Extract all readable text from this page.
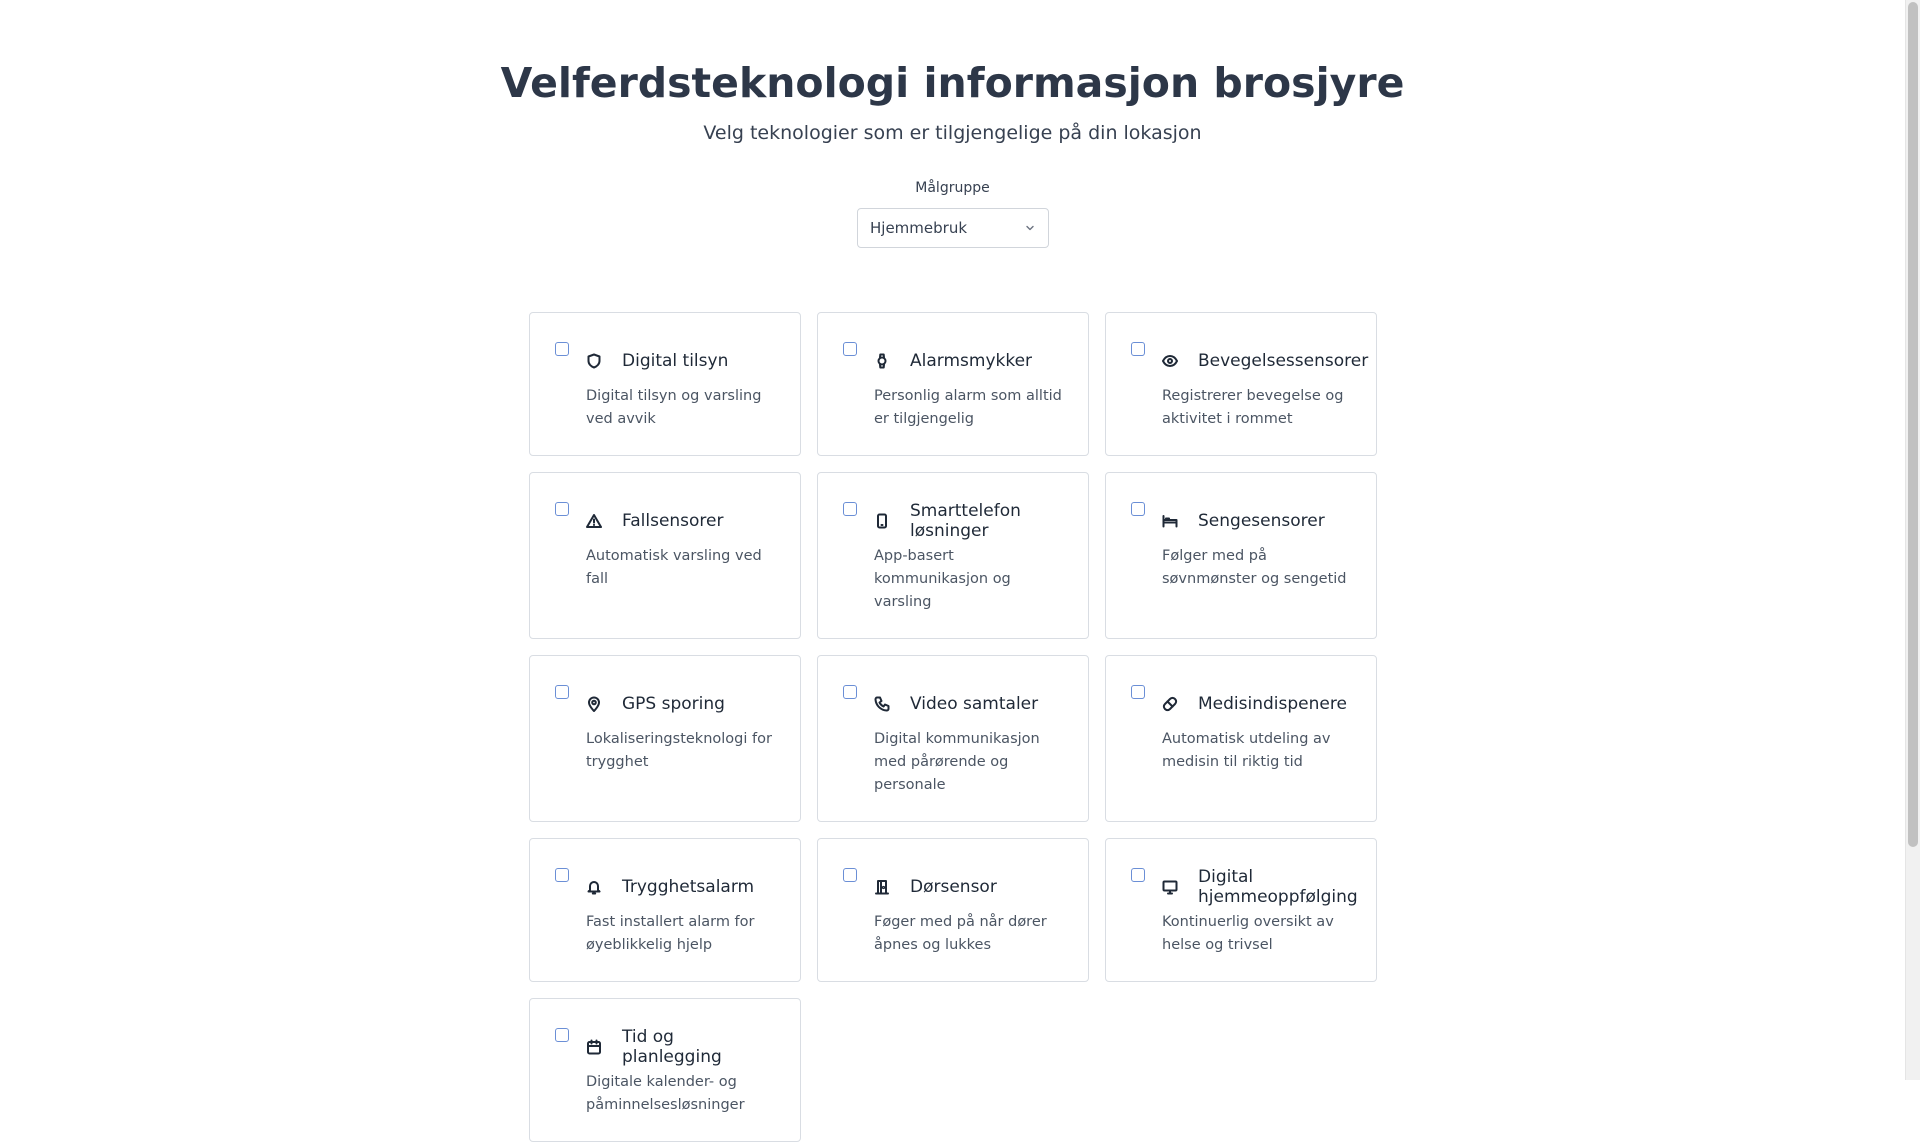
Velferdsteknologi informasjon brosjyre
Velg teknologier som er tilgjengelige på din lokasjon
Målgruppe
Hjemmebruk
Digital tilsyn
Digital tilsyn og varsling ved avvik
Alarmsmykker
Personlig alarm som alltid er tilgjengelig
Bevegelsessensorer
Registrerer bevegelse og aktivitet i rommet
Fallsensorer
Automatisk varsling ved fall
Smarttelefon løsninger
App-basert kommunikasjon og varsling
Sengesensorer
Følger med på søvnmønster og sengetid
GPS sporing
Lokaliseringsteknologi for trygghet
Video samtaler
Digital kommunikasjon med pårørende og personale
Medisindispenere
Automatisk utdeling av medisin til riktig tid
Trygghetsalarm
Fast installert alarm for øyeblikkelig hjelp
Dørsensor
Føger med på når dører åpnes og lukkes
Digital hjemmeoppfølging
Kontinuerlig oversikt av helse og trivsel
Tid og planlegging
Digitale kalender- og påminnelsesløsninger
